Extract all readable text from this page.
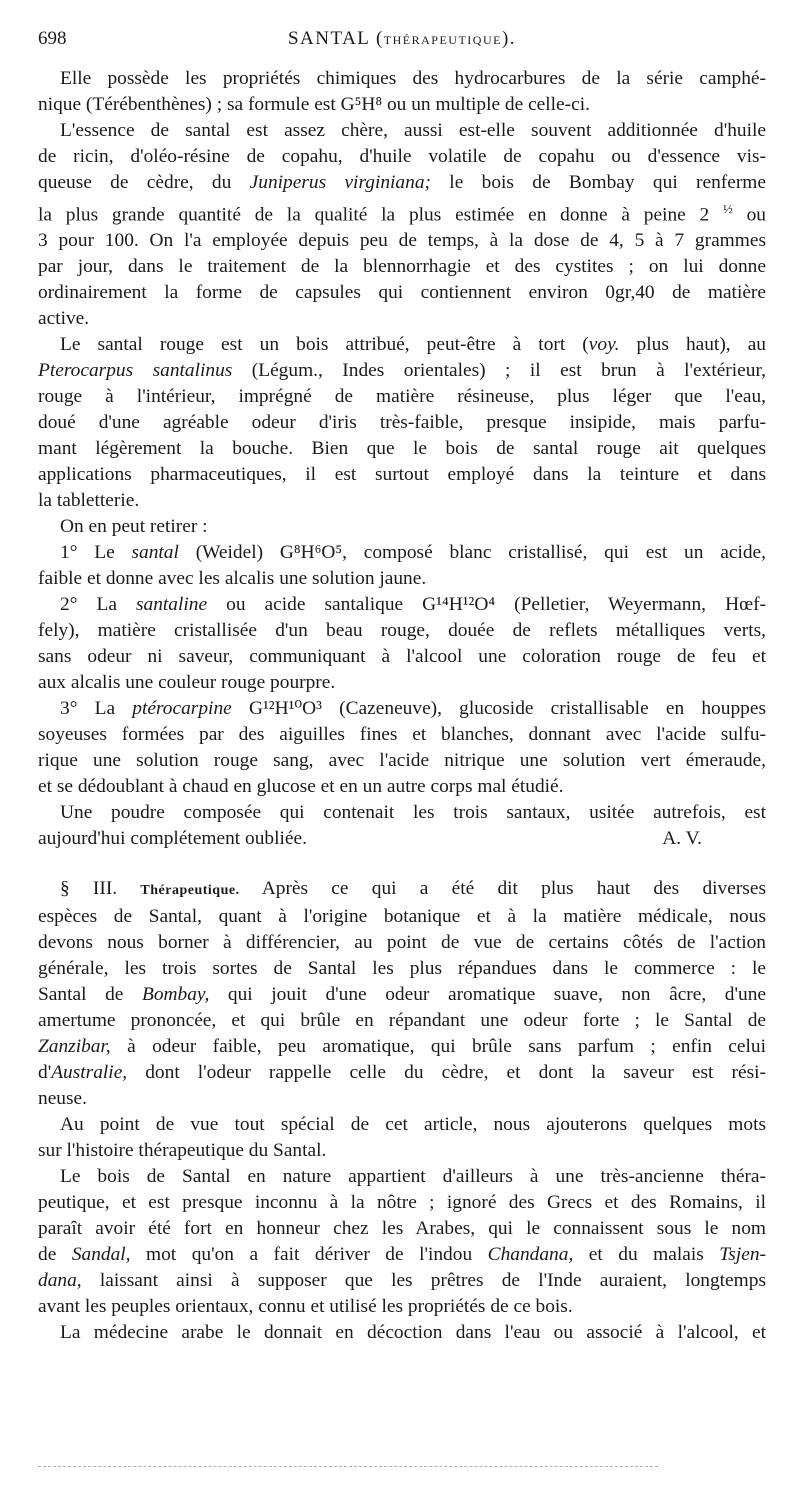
698	SANTAL (THÉRAPEUTIQUE).
Elle possède les propriétés chimiques des hydrocarbures de la série camphé-
nique (Térébenthènes) ; sa formule est G⁵H⁸ ou un multiple de celle-ci.
L'essence de santal est assez chère, aussi est-elle souvent additionnée d'huile
de ricin, d'oléo-résine de copahu, d'huile volatile de copahu ou d'essence vis-
queuse de cèdre, du Juniperus virginiana; le bois de Bombay qui renferme
la plus grande quantité de la qualité la plus estimée en donne à peine 2 $^{\frac{1}{2}}$ ou
3 pour 100. On l'a employée depuis peu de temps, à la dose de 4, 5 à 7 grammes
par jour, dans le traitement de la blennorrhagie et des cystites ; on lui donne
ordinairement la forme de capsules qui contiennent environ 0gr,40 de matière
active.
Le santal rouge est un bois attribué, peut-être à tort (voy. plus haut), au
Pterocarpus santalinus (Légum., Indes orientales) ; il est brun à l'extérieur,
rouge à l'intérieur, imprégné de matière résineuse, plus léger que l'eau,
doué d'une agréable odeur d'iris très-faible, presque insipide, mais parfu-
mant légèrement la bouche. Bien que le bois de santal rouge ait quelques
applications pharmaceutiques, il est surtout employé dans la teinture et dans
la tabletterie.
On en peut retirer :
1° Le santal (Weidel) G⁸H⁶O⁵, composé blanc cristallisé, qui est un acide,
faible et donne avec les alcalis une solution jaune.
2° La santaline ou acide santalique G¹⁴H¹²O⁴ (Pelletier, Weyermann, Hœf-
fely), matière cristallisée d'un beau rouge, douée de reflets métalliques verts,
sans odeur ni saveur, communiquant à l'alcool une coloration rouge de feu et
aux alcalis une couleur rouge pourpre.
3° La ptérocarpine G¹²H¹⁰O³ (Cazeneuve), glucoside cristallisable en houppes
soyeuses formées par des aiguilles fines et blanches, donnant avec l'acide sulfu-
rique une solution rouge sang, avec l'acide nitrique une solution vert émeraude,
et se dédoublant à chaud en glucose et en un autre corps mal étudié.
Une poudre composée qui contenait les trois santaux, usitée autrefois, est
aujourd'hui complétement oubliée.	A. V.
§ III. Thérapeutique. Après ce qui a été dit plus haut des diverses
espèces de Santal, quant à l'origine botanique et à la matière médicale, nous
devons nous borner à différencier, au point de vue de certains côtés de l'action
générale, les trois sortes de Santal les plus répandues dans le commerce : le
Santal de Bombay, qui jouit d'une odeur aromatique suave, non âcre, d'une
amertume prononcée, et qui brûle en répandant une odeur forte ; le Santal de
Zanzibar, à odeur faible, peu aromatique, qui brûle sans parfum ; enfin celui
d'Australie, dont l'odeur rappelle celle du cèdre, et dont la saveur est rési-
neuse.
Au point de vue tout spécial de cet article, nous ajouterons quelques mots
sur l'histoire thérapeutique du Santal.
Le bois de Santal en nature appartient d'ailleurs à une très-ancienne théra-
peutique, et est presque inconnu à la nôtre ; ignoré des Grecs et des Romains, il
paraît avoir été fort en honneur chez les Arabes, qui le connaissent sous le nom
de Sandal, mot qu'on a fait dériver de l'indou Chandana, et du malais Tsjen-
dana, laissant ainsi à supposer que les prêtres de l'Inde auraient, longtemps
avant les peuples orientaux, connu et utilisé les propriétés de ce bois.
La médecine arabe le donnait en décoction dans l'eau ou associé à l'alcool, et
